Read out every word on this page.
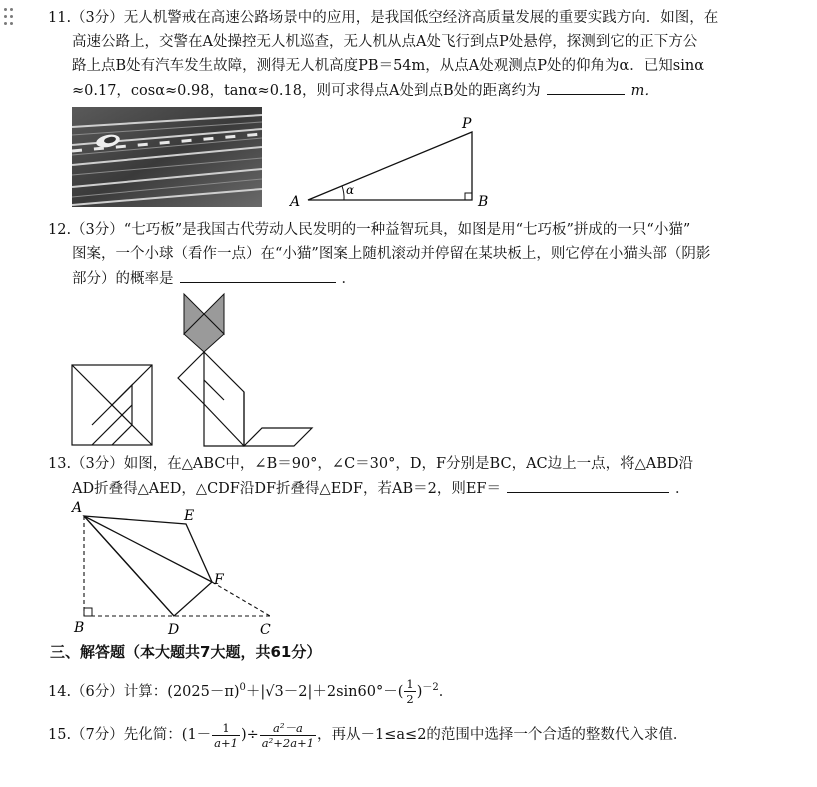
11.（3分）无人机警戒在高速公路场景中的应用，是我国低空经济高质量发展的重要实践方向．如图，在
高速公路上，交警在A处操控无人机巡查，无人机从点A处飞行到点P处悬停，探测到它的正下方公
路上点B处有汽车发生故障，测得无人机高度PB＝54m，从点A处观测点P处的仰角为α．已知sinα
≈0.17，cosα≈0.98，tanα≈0.18，则可求得点A处到点B处的距离约为	m．
α
P
A	B
12.（3分）“七巧板”是我国古代劳动人民发明的一种益智玩具，如图是用“七巧板”拼成的一只“小猫”
图案，一个小球（看作一点）在“小猫”图案上随机滚动并停留在某块板上，则它停在小猫头部（阴影
部分）的概率是	．
13.（3分）如图，在△ABC中，∠B＝90°，∠C＝30°，D，F分别是BC，AC边上一点，将△ABD沿
AD折叠得△AED，△CDF沿DF折叠得△EDF，若AB＝2，则EF＝	．
A	E
F
B	D	C
三、解答题（本大题共7大题，共61分）
14.（6分）计算：$(2025-\pi)^0+|√3-2|+2\sin 60^\circ-( \frac{1}{2} )^{-2}$．
15.（7分）先化简：($1- \frac{1}{a+1}$ )÷ $\frac{\text{a²－a}}{\text{a²+2a+1}}$ ，再从－1≤a≤2的范围中选择一个合适的整数代入求值．
